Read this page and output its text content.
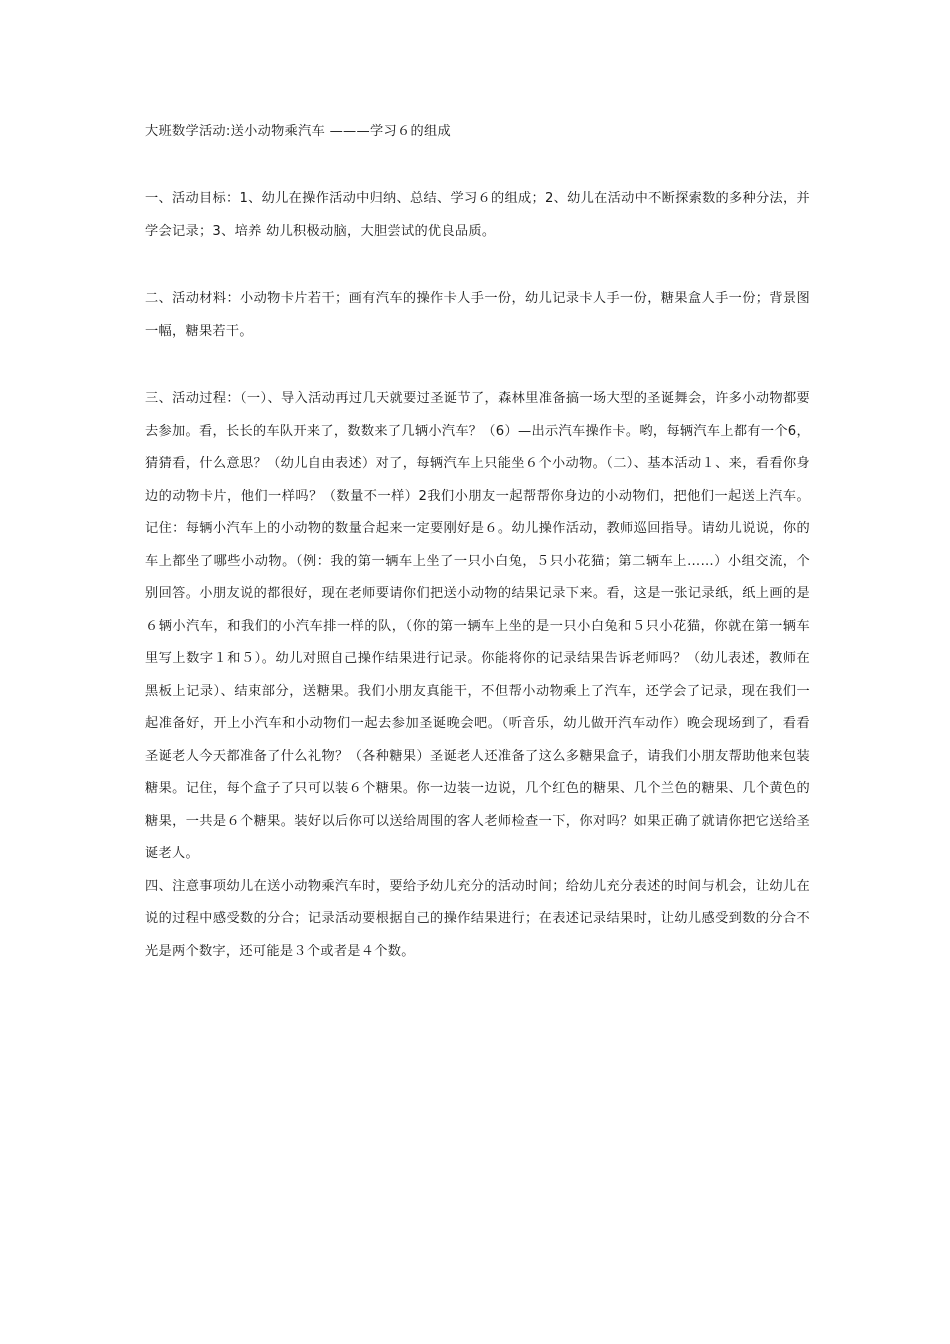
大班数学活动:送小动物乘汽车 ———学习６的组成

一、活动目标：1、幼儿在操作活动中归纳、总结、学习６的组成；2、幼儿在活动中不断探索数的多种分法，并学会记录；3、培养 幼儿积极动脑，大胆尝试的优良品质。

二、活动材料：小动物卡片若干；画有汽车的操作卡人手一份，幼儿记录卡人手一份，糖果盒人手一份；背景图一幅，糖果若干。

三、活动过程：（一）、导入活动再过几天就要过圣诞节了，森林里准备搞一场大型的圣诞舞会，许多小动物都要去参加。看，长长的车队开来了，数数来了几辆小汽车？（6）—出示汽车操作卡。哟，每辆汽车上都有一个6，猜猜看，什么意思？（幼儿自由表述）对了，每辆汽车上只能坐６个小动物。（二）、基本活动１、来，看看你身边的动物卡片，他们一样吗？（数量不一样）2我们小朋友一起帮帮你身边的小动物们，把他们一起送上汽车。记住：每辆小汽车上的小动物的数量合起来一定要刚好是６。幼儿操作活动，教师巡回指导。请幼儿说说，你的车上都坐了哪些小动物。（例：我的第一辆车上坐了一只小白兔，５只小花猫；第二辆车上……）小组交流，个别回答。小朋友说的都很好，现在老师要请你们把送小动物的结果记录下来。看，这是一张记录纸，纸上画的是６辆小汽车，和我们的小汽车排一样的队，（你的第一辆车上坐的是一只小白兔和５只小花猫，你就在第一辆车里写上数字１和５）。幼儿对照自己操作结果进行记录。你能将你的记录结果告诉老师吗？（幼儿表述，教师在黑板上记录）、结束部分，送糖果。我们小朋友真能干，不但帮小动物乘上了汽车，还学会了记录，现在我们一起准备好，开上小汽车和小动物们一起去参加圣诞晚会吧。（听音乐，幼儿做开汽车动作）晚会现场到了，看看圣诞老人今天都准备了什么礼物？（各种糖果）圣诞老人还准备了这么多糖果盒子，请我们小朋友帮助他来包装糖果。记住，每个盒子了只可以装６个糖果。你一边装一边说，几个红色的糖果、几个兰色的糖果、几个黄色的糖果，一共是６个糖果。装好以后你可以送给周围的客人老师检查一下，你对吗？如果正确了就请你把它送给圣诞老人。

四、注意事项幼儿在送小动物乘汽车时，要给予幼儿充分的活动时间；给幼儿充分表述的时间与机会，让幼儿在说的过程中感受数的分合；记录活动要根据自己的操作结果进行；在表述记录结果时，让幼儿感受到数的分合不光是两个数字，还可能是３个或者是４个数。
